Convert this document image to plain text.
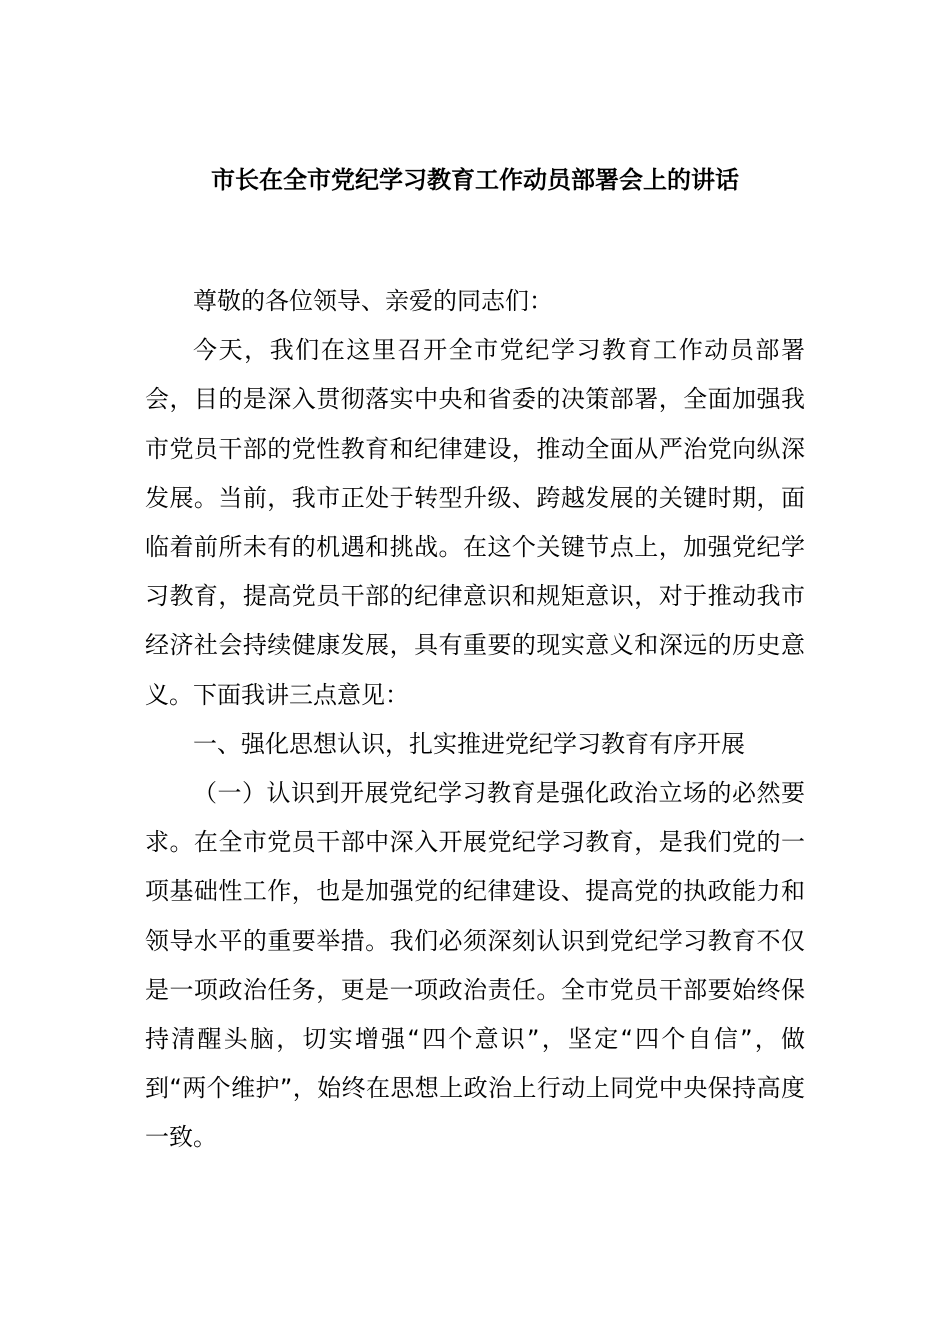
市长在全市党纪学习教育工作动员部署会上的讲话

尊敬的各位领导、亲爱的同志们：

今天，我们在这里召开全市党纪学习教育工作动员部署会，目的是深入贯彻落实中央和省委的决策部署，全面加强我市党员干部的党性教育和纪律建设，推动全面从严治党向纵深发展。当前，我市正处于转型升级、跨越发展的关键时期，面临着前所未有的机遇和挑战。在这个关键节点上，加强党纪学习教育，提高党员干部的纪律意识和规矩意识，对于推动我市经济社会持续健康发展，具有重要的现实意义和深远的历史意义。下面我讲三点意见：

一、强化思想认识，扎实推进党纪学习教育有序开展

（一）认识到开展党纪学习教育是强化政治立场的必然要求。在全市党员干部中深入开展党纪学习教育，是我们党的一项基础性工作，也是加强党的纪律建设、提高党的执政能力和领导水平的重要举措。我们必须深刻认识到党纪学习教育不仅是一项政治任务，更是一项政治责任。全市党员干部要始终保持清醒头脑，切实增强“四个意识”，坚定“四个自信”，做到“两个维护”，始终在思想上政治上行动上同党中央保持高度一致。
